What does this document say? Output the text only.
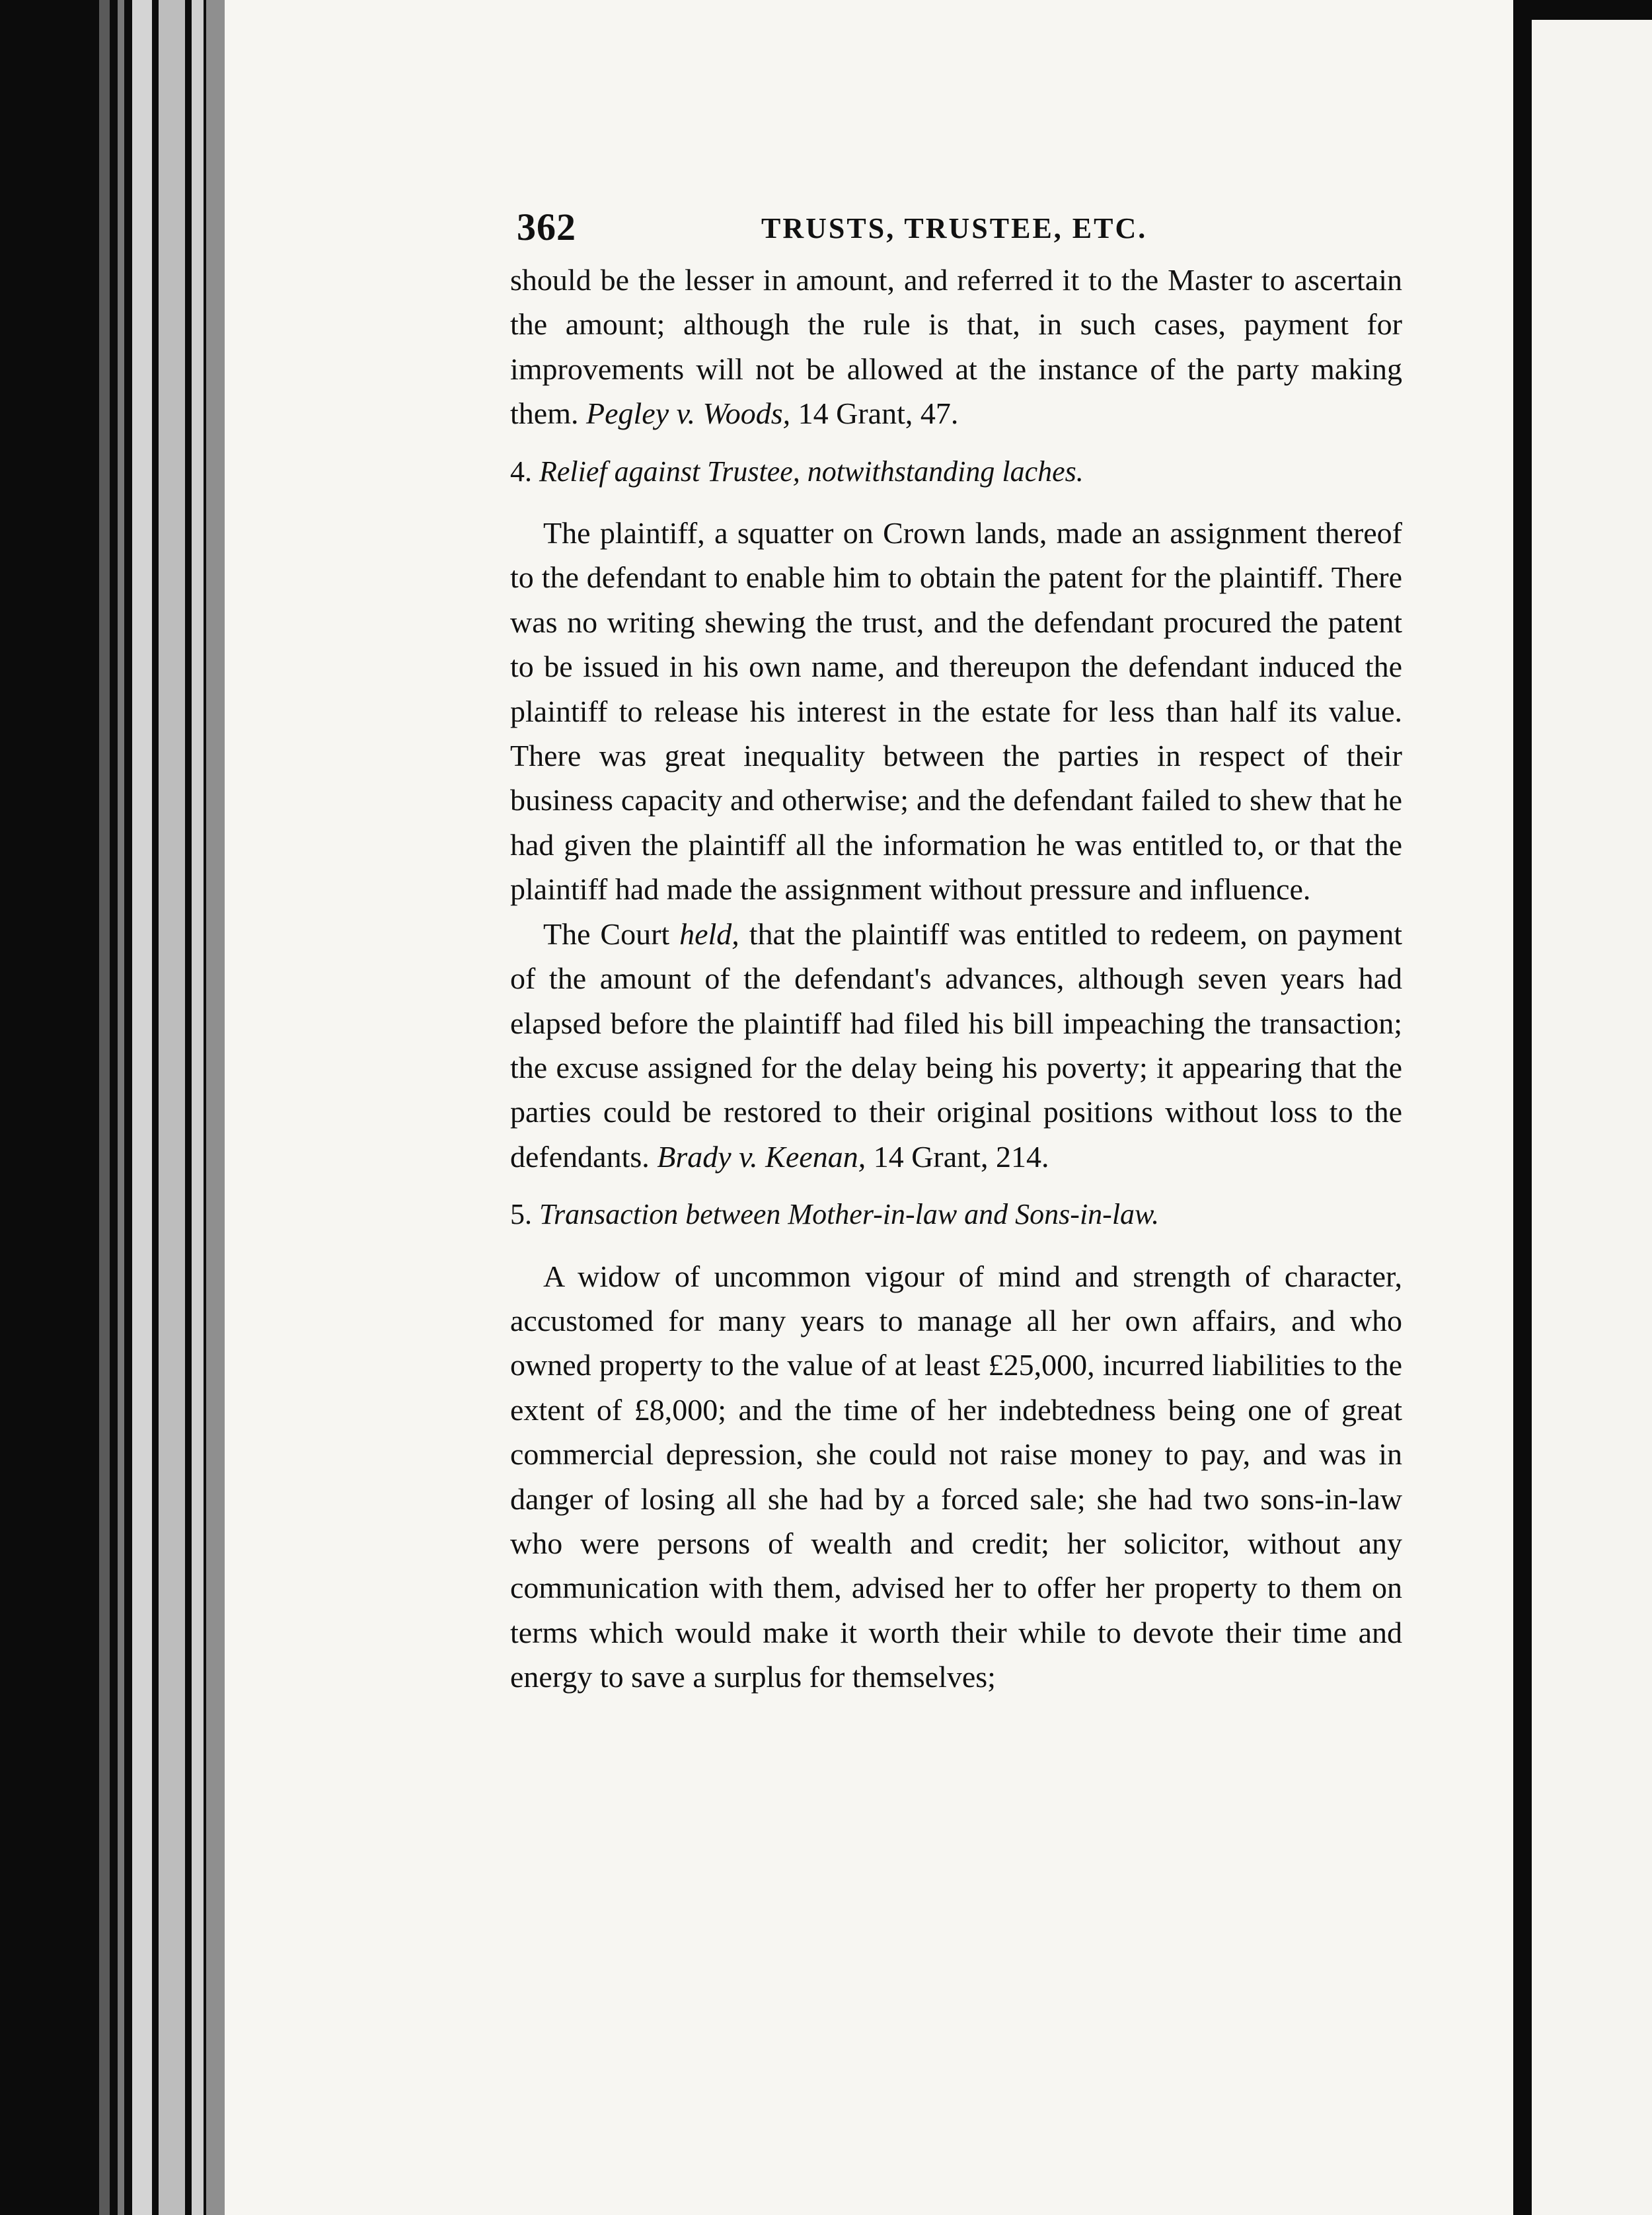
362	TRUSTS, TRUSTEE, ETC.

should be the lesser in amount, and referred it to the Master to ascertain the amount; although the rule is that, in such cases, payment for improvements will not be allowed at the instance of the party making them. Pegley v. Woods, 14 Grant, 47.

4. Relief against Trustee, notwithstanding laches.

The plaintiff, a squatter on Crown lands, made an assignment thereof to the defendant to enable him to obtain the patent for the plaintiff. There was no writing shewing the trust, and the defendant procured the patent to be issued in his own name, and thereupon the defendant induced the plaintiff to release his interest in the estate for less than half its value. There was great inequality between the parties in respect of their business capacity and otherwise; and the defendant failed to shew that he had given the plaintiff all the information he was entitled to, or that the plaintiff had made the assignment without pressure and influence.

The Court held, that the plaintiff was entitled to redeem, on payment of the amount of the defendant's advances, although seven years had elapsed before the plaintiff had filed his bill impeaching the transaction; the excuse assigned for the delay being his poverty; it appearing that the parties could be restored to their original positions without loss to the defendants. Brady v. Keenan, 14 Grant, 214.

5. Transaction between Mother-in-law and Sons-in-law.

A widow of uncommon vigour of mind and strength of character, accustomed for many years to manage all her own affairs, and who owned property to the value of at least £25,000, incurred liabilities to the extent of £8,000; and the time of her indebtedness being one of great commercial depression, she could not raise money to pay, and was in danger of losing all she had by a forced sale; she had two sons-in-law who were persons of wealth and credit; her solicitor, without any communication with them, advised her to offer her property to them on terms which would make it worth their while to devote their time and energy to save a surplus for themselves;
